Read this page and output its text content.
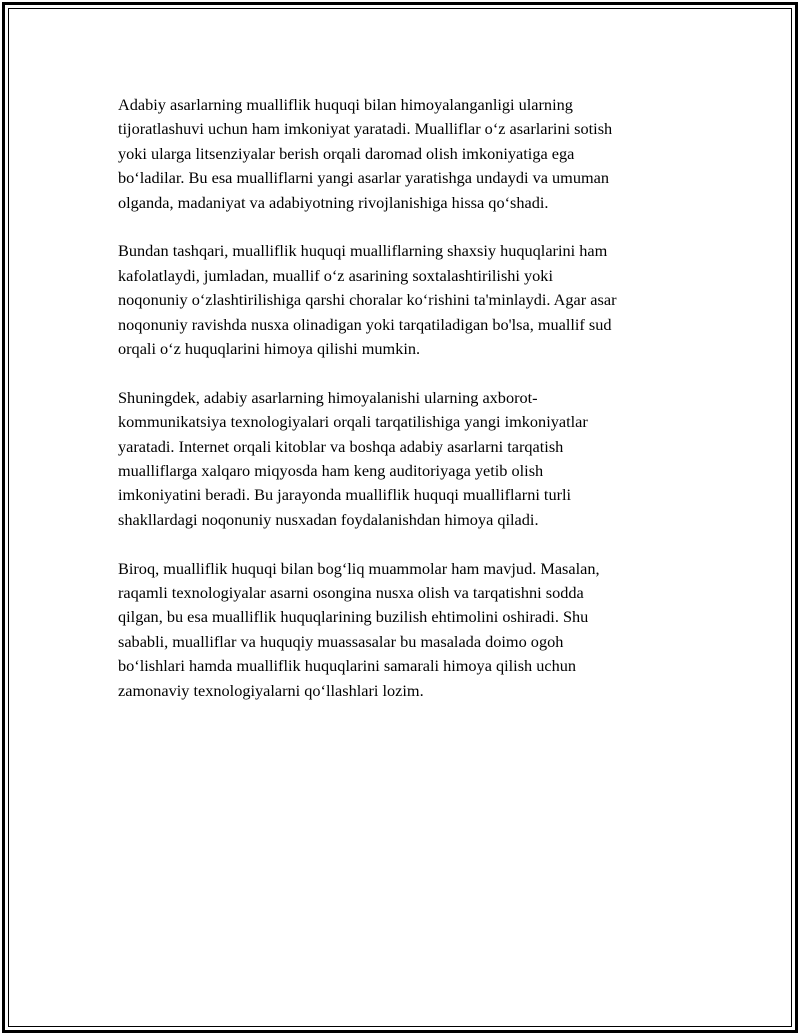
Adabiy asarlarning mualliflik huquqi bilan himoyalanganligi ularning
tijoratlashuvi uchun ham imkoniyat yaratadi. Mualliflar o‘z asarlarini sotish
yoki ularga litsenziyalar berish orqali daromad olish imkoniyatiga ega
bo‘ladilar. Bu esa mualliflarni yangi asarlar yaratishga undaydi va umuman
olganda, madaniyat va adabiyotning rivojlanishiga hissa qo‘shadi.

Bundan tashqari, mualliflik huquqi mualliflarning shaxsiy huquqlarini ham
kafolatlaydi, jumladan, muallif o‘z asarining soxtalashtirilishi yoki
noqonuniy o‘zlashtirilishiga qarshi choralar ko‘rishini ta'minlaydi. Agar asar
noqonuniy ravishda nusxa olinadigan yoki tarqatiladigan bo'lsa, muallif sud
orqali o‘z huquqlarini himoya qilishi mumkin.

Shuningdek, adabiy asarlarning himoyalanishi ularning axborot-
kommunikatsiya texnologiyalari orqali tarqatilishiga yangi imkoniyatlar
yaratadi. Internet orqali kitoblar va boshqa adabiy asarlarni tarqatish
mualliflarga xalqaro miqyosda ham keng auditoriyaga yetib olish
imkoniyatini beradi. Bu jarayonda mualliflik huquqi mualliflarni turli
shakllardagi noqonuniy nusxadan foydalanishdan himoya qiladi.

Biroq, mualliflik huquqi bilan bog‘liq muammolar ham mavjud. Masalan,
raqamli texnologiyalar asarni osongina nusxa olish va tarqatishni sodda
qilgan, bu esa mualliflik huquqlarining buzilish ehtimolini oshiradi. Shu
sababli, mualliflar va huquqiy muassasalar bu masalada doimo ogoh
bo‘lishlari hamda mualliflik huquqlarini samarali himoya qilish uchun
zamonaviy texnologiyalarni qo‘llashlari lozim.
